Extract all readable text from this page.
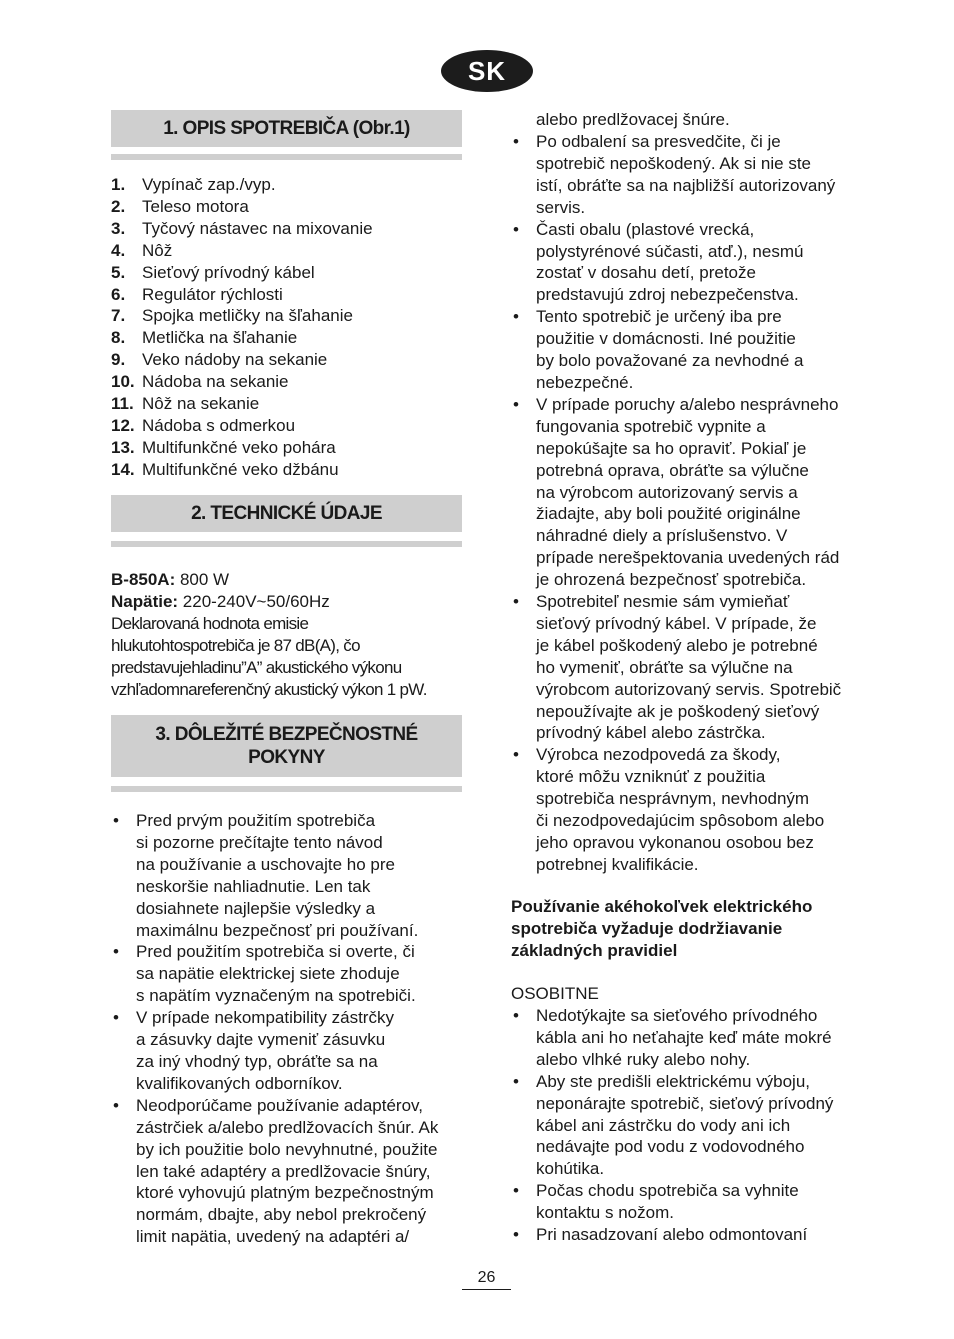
SK
1. OPIS SPOTREBIČA (Obr.1)
1. Vypínač zap./vyp.
2. Teleso motora
3. Tyčový nástavec na mixovanie
4. Nôž
5. Sieťový prívodný kábel
6. Regulátor rýchlosti
7. Spojka metličky na šľahanie
8. Metlička na šľahanie
9. Veko nádoby na sekanie
10. Nádoba na sekanie
11. Nôž na sekanie
12. Nádoba s odmerkou
13. Multifunkčné veko pohára
14. Multifunkčné veko džbánu
2. TECHNICKÉ ÚDAJE
B-850A: 800 W
Napätie: 220-240V~50/60Hz
Deklarovaná hodnota emisie
hlukutohtospotrebiča je 87 dB(A), čo
predstavujehladinu”A” akustického výkonu
vzhľadomnareferenčný akustický výkon 1 pW.
3. DÔLEŽITÉ BEZPEČNOSTNÉ
POKYNY
• Pred prvým použitím spotrebiča
si pozorne prečítajte tento návod
na používanie a uschovajte ho pre
neskoršie nahliadnutie. Len tak
dosiahnete najlepšie výsledky a
maximálnu bezpečnosť pri používaní.
• Pred použitím spotrebiča si overte, či
sa napätie elektrickej siete zhoduje
s napätím vyznačeným na spotrebiči.
• V prípade nekompatibility zástrčky
a zásuvky dajte vymeniť zásuvku
za iný vhodný typ, obráťte sa na
kvalifikovaných odborníkov.
• Neodporúčame používanie adaptérov,
zástrčiek a/alebo predlžovacích šnúr. Ak
by ich použitie bolo nevyhnutné, použite
len také adaptéry a predlžovacie šnúry,
ktoré vyhovujú platným bezpečnostným
normám, dbajte, aby nebol prekročený
limit napätia, uvedený na adaptéri a/
alebo predlžovacej šnúre.
• Po odbalení sa presvedčite, či je
spotrebič nepoškodený. Ak si nie ste
istí, obráťte sa na najbližší autorizovaný
servis.
• Časti obalu (plastové vrecká,
polystyrénové súčasti, atď.), nesmú
zostať v dosahu detí, pretože
predstavujú zdroj nebezpečenstva.
• Tento spotrebič je určený iba pre
použitie v domácnosti. Iné použitie
by bolo považované za nevhodné a
nebezpečné.
• V prípade poruchy a/alebo nesprávneho
fungovania spotrebič vypnite a
nepokúšajte sa ho opraviť. Pokiaľ je
potrebná oprava, obráťte sa výlučne
na výrobcom autorizovaný servis a
žiadajte, aby boli použité originálne
náhradné diely a príslušenstvo. V
prípade nerešpektovania uvedených rád
je ohrozená bezpečnosť spotrebiča.
• Spotrebiteľ nesmie sám vymieňať
sieťový prívodný kábel. V prípade, že
je kábel poškodený alebo je potrebné
ho vymeniť, obráťte sa výlučne na
výrobcom autorizovaný servis. Spotrebič
nepoužívajte ak je poškodený sieťový
prívodný kábel alebo zástrčka.
• Výrobca nezodpovedá za škody,
ktoré môžu vzniknúť z použitia
spotrebiča nesprávnym, nevhodným
či nezodpovedajúcim spôsobom alebo
jeho opravou vykonanou osobou bez
potrebnej kvalifikácie.
Používanie akéhokoľvek elektrického
spotrebiča vyžaduje dodržiavanie
základných pravidiel
OSOBITNE
• Nedotýkajte sa sieťového prívodného
kábla ani ho neťahajte keď máte mokré
alebo vlhké ruky alebo nohy.
• Aby ste predišli elektrickému výboju,
neponárajte spotrebič, sieťový prívodný
kábel ani zástrčku do vody ani ich
nedávajte pod vodu z vodovodného
kohútika.
• Počas chodu spotrebiča sa vyhnite
kontaktu s nožom.
• Pri nasadzovaní alebo odmontovaní
26
